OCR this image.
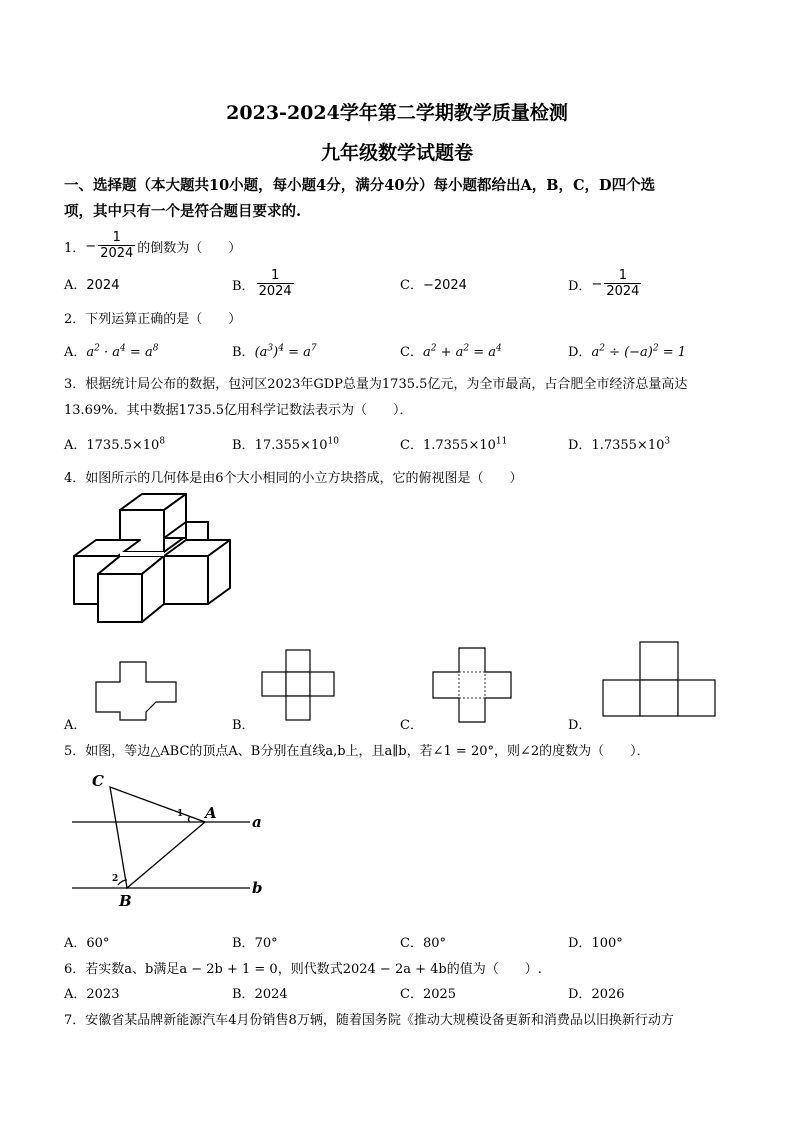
2023-2024学年第二学期教学质量检测
九年级数学试题卷
一、选择题（本大题共10小题，每小题4分，满分40分）每小题都给出A，B，C，D四个选
项，其中只有一个是符合题目要求的.
1． − $\frac{1}{2024}$ 的倒数为（　　）
A．2024	B． $\frac{1}{2024}$	C．−2024	D． − $\frac{1}{2024}$
2．下列运算正确的是（　　）
A．$a^2 \cdot a^4 = a^8$	B．$(a^3)^4 = a^7$	C．$a^2 + a^2 = a^4$	D．$a^2 \div (-a)^2 = 1$
3．根据统计局公布的数据，包河区2023年GDP总量为1735.5亿元，为全市最高，占合肥全市经济总量高达
13.69%．其中数据1735.5亿用科学记数法表示为（　　）．
A．$1735.5\times 10^8$	B．$17.355\times 10^{10}$	C．$1.7355\times 10^{11}$	D．$1.7355\times 10^3$
4．如图所示的几何体是由6个大小相同的小立方块搭成，它的俯视图是（　　）
A．	B．	C．	D．
5．如图，等边△ABC的顶点A、B分别在直线a,b上，且a∥b，若∠1 = 20°，则∠2的度数为（　　）．
C
A
B
a
b
1
2
A．60°	B．70°	C．80°	D．100°
6．若实数a、b满足a − 2b + 1 = 0，则代数式2024 − 2a + 4b的值为（　　）.
A．2023	B．2024	C．2025	D．2026
7．安徽省某品牌新能源汽车4月份销售8万辆，随着国务院《推动大规模设备更新和消费品以旧换新行动方
